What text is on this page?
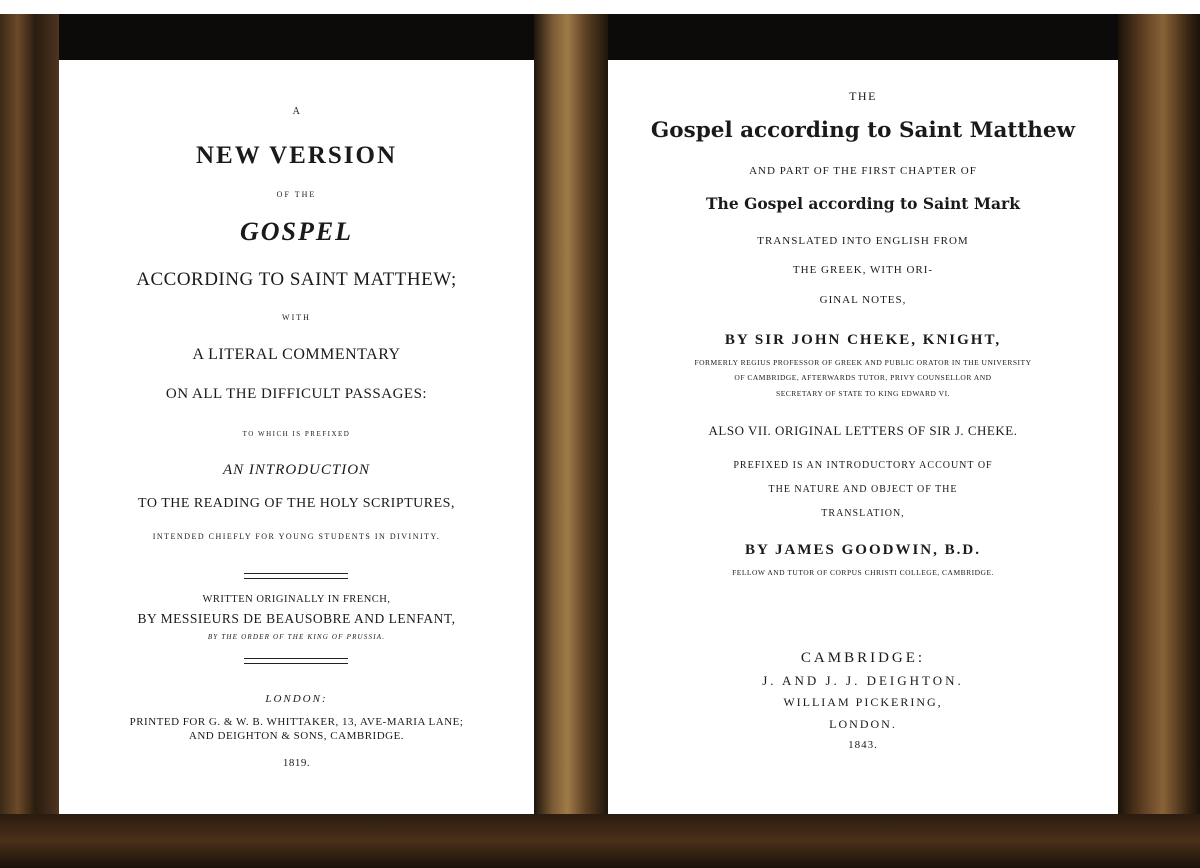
A
NEW VERSION
OF THE
GOSPEL
ACCORDING TO SAINT MATTHEW;
WITH
A LITERAL COMMENTARY
ON ALL THE DIFFICULT PASSAGES:
TO WHICH IS PREFIXED
AN INTRODUCTION
TO THE READING OF THE HOLY SCRIPTURES,
INTENDED CHIEFLY FOR YOUNG STUDENTS IN DIVINITY.
WRITTEN ORIGINALLY IN FRENCH,
BY MESSIEURS DE BEAUSOBRE AND LENFANT,
BY THE ORDER OF THE KING OF PRUSSIA.
LONDON:
PRINTED FOR G. & W. B. WHITTAKER, 13, AVE-MARIA LANE;
AND DEIGHTON & SONS, CAMBRIDGE.
1819.
THE
Gospel according to Saint Matthew
AND PART OF THE FIRST CHAPTER OF
The Gospel according to Saint Mark
TRANSLATED INTO ENGLISH FROM
THE GREEK, WITH ORI-
GINAL NOTES,
BY SIR JOHN CHEKE, KNIGHT,
FORMERLY REGIUS PROFESSOR OF GREEK AND PUBLIC ORATOR IN THE UNIVERSITY
OF CAMBRIDGE, AFTERWARDS TUTOR, PRIVY COUNSELLOR AND
SECRETARY OF STATE TO KING EDWARD VI.
ALSO VII. ORIGINAL LETTERS OF SIR J. CHEKE.
PREFIXED IS AN INTRODUCTORY ACCOUNT OF
THE NATURE AND OBJECT OF THE
TRANSLATION,
BY JAMES GOODWIN, B.D.
FELLOW AND TUTOR OF CORPUS CHRISTI COLLEGE, CAMBRIDGE.
CAMBRIDGE:
J. AND J. J. DEIGHTON.
WILLIAM PICKERING,
LONDON.
1843.
